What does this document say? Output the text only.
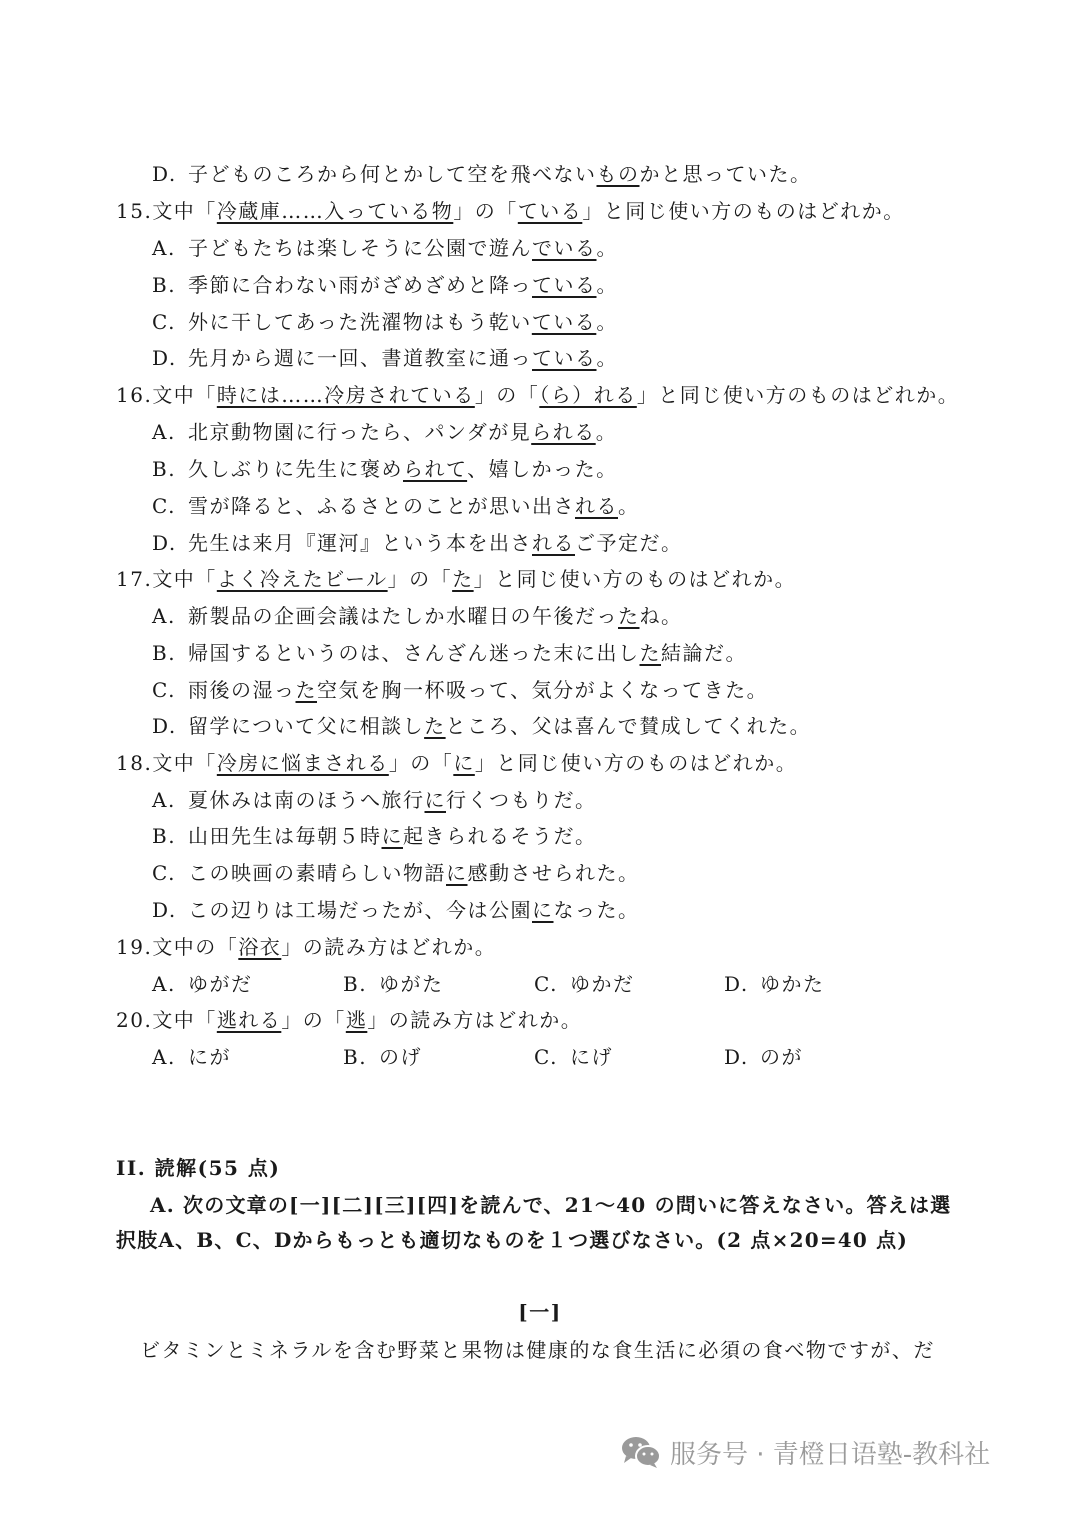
D. 子どものころから何とかして空を飛べないものかと思っていた。
15.文中「冷蔵庫……入っている物」の「ている」と同じ使い方のものはどれか。
A. 子どもたちは楽しそうに公園で遊んでいる。
B. 季節に合わない雨がざめざめと降っている。
C. 外に干してあった洗濯物はもう乾いている。
D. 先月から週に一回、書道教室に通っている。
16.文中「時には……冷房されている」の「（ら）れる」と同じ使い方のものはどれか。
A. 北京動物園に行ったら、パンダが見られる。
B. 久しぶりに先生に褒められて、嬉しかった。
C. 雪が降ると、ふるさとのことが思い出される。
D. 先生は来月『運河』という本を出されるご予定だ。
17.文中「よく冷えたビール」の「た」と同じ使い方のものはどれか。
A. 新製品の企画会議はたしか水曜日の午後だったね。
B. 帰国するというのは、さんざん迷った末に出した結論だ。
C. 雨後の湿った空気を胸一杯吸って、気分がよくなってきた。
D. 留学について父に相談したところ、父は喜んで賛成してくれた。
18.文中「冷房に悩まされる」の「に」と同じ使い方のものはどれか。
A. 夏休みは南のほうへ旅行に行くつもりだ。
B. 山田先生は毎朝５時に起きられるそうだ。
C. この映画の素晴らしい物語に感動させられた。
D. この辺りは工場だったが、今は公園になった。
19.文中の「浴衣」の読み方はどれか。
A. ゆがだ	B. ゆがた	C. ゆかだ	D. ゆかた
20.文中「逃れる」の「逃」の読み方はどれか。
A. にが	B. のげ	C. にげ	D. のが
II. 読解(55 点)
A. 次の文章の[一][二][三][四]を読んで、21～40 の問いに答えなさい。答えは選
択肢A、B、C、Dからもっとも適切なものを１つ選びなさい。(2 点×20=40 点)
[一]
ビタミンとミネラルを含む野菜と果物は健康的な食生活に必須の食べ物ですが、だ
服务号 · 青橙日语塾-教科社
